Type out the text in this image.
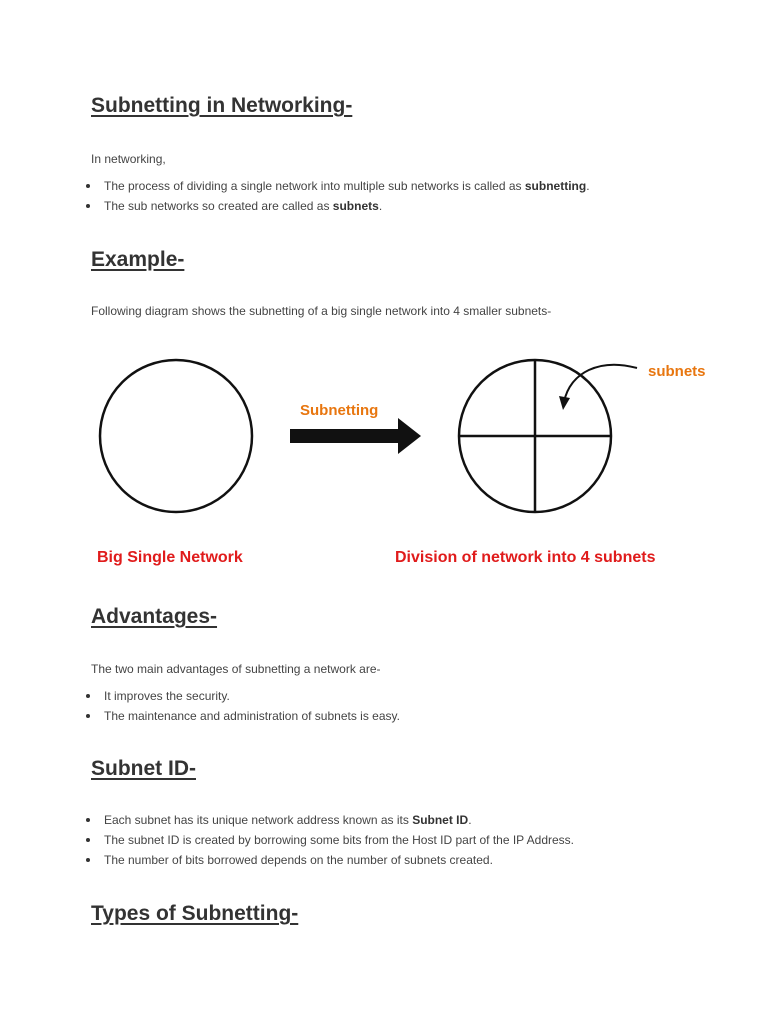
Subnetting in Networking-

In networking,

The process of dividing a single network into multiple sub networks is called as subnetting.
The sub networks so created are called as subnets.
Example-

Following diagram shows the subnetting of a big single network into 4 smaller subnets-

Subnetting
subnets
Big Single Network	Division of network into 4 subnets
Advantages-

The two main advantages of subnetting a network are-

It improves the security.
The maintenance and administration of subnets is easy.
Subnet ID-
Each subnet has its unique network address known as its Subnet ID.
The subnet ID is created by borrowing some bits from the Host ID part of the IP Address.
The number of bits borrowed depends on the number of subnets created.
Types of Subnetting-
